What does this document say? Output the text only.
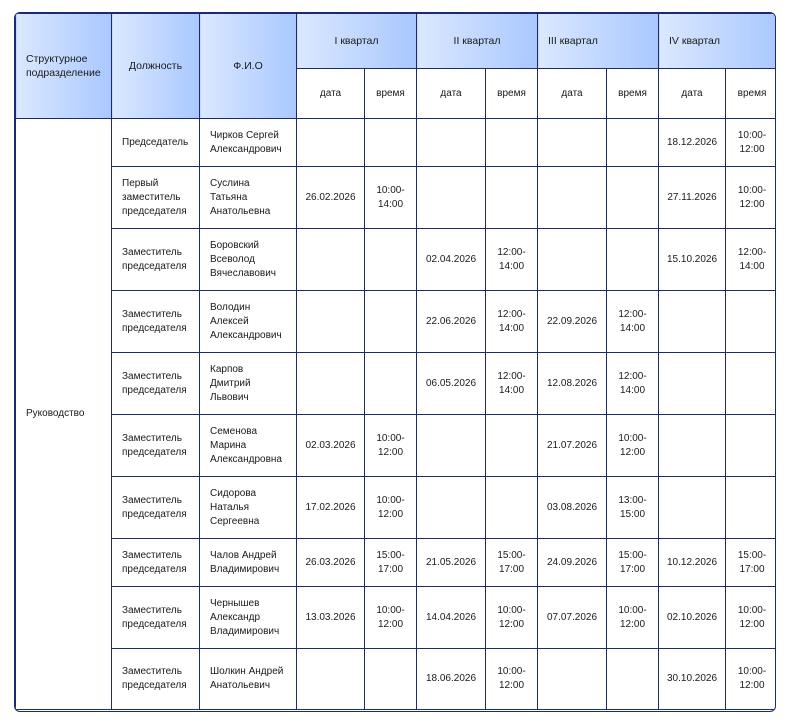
Структурное подразделение	Должность	Ф.И.О	I квартал		II квартал		III квартал		IV квартал	
			дата	время	дата	время	дата	время	дата	время
Руководство	Председатель	Чирков Сергей Александрович							18.12.2026	10:00-12:00
	Первый заместитель председателя	Суслина Татьяна Анатольевна	26.02.2026	10:00-14:00					27.11.2026	10:00-12:00
	Заместитель председателя	Боровский Всеволод Вячеславович			02.04.2026	12:00-14:00			15.10.2026	12:00-14:00
	Заместитель председателя	Володин Алексей Александрович			22.06.2026	12:00-14:00	22.09.2026	12:00-14:00		
	Заместитель председателя	Карпов Дмитрий Львович			06.05.2026	12:00-14:00	12.08.2026	12:00-14:00		
	Заместитель председателя	Семенова Марина Александровна	02.03.2026	10:00-12:00			21.07.2026	10:00-12:00		
	Заместитель председателя	Сидорова Наталья Сергеевна	17.02.2026	10:00-12:00			03.08.2026	13:00-15:00		
	Заместитель председателя	Чалов Андрей Владимирович	26.03.2026	15:00-17:00	21.05.2026	15:00-17:00	24.09.2026	15:00-17:00	10.12.2026	15:00-17:00
	Заместитель председателя	Чернышев Александр Владимирович	13.03.2026	10:00-12:00	14.04.2026	10:00-12:00	07.07.2026	10:00-12:00	02.10.2026	10:00-12:00
	Заместитель председателя	Шолкин Андрей Анатольевич			18.06.2026	10:00-12:00			30.10.2026	10:00-12:00
